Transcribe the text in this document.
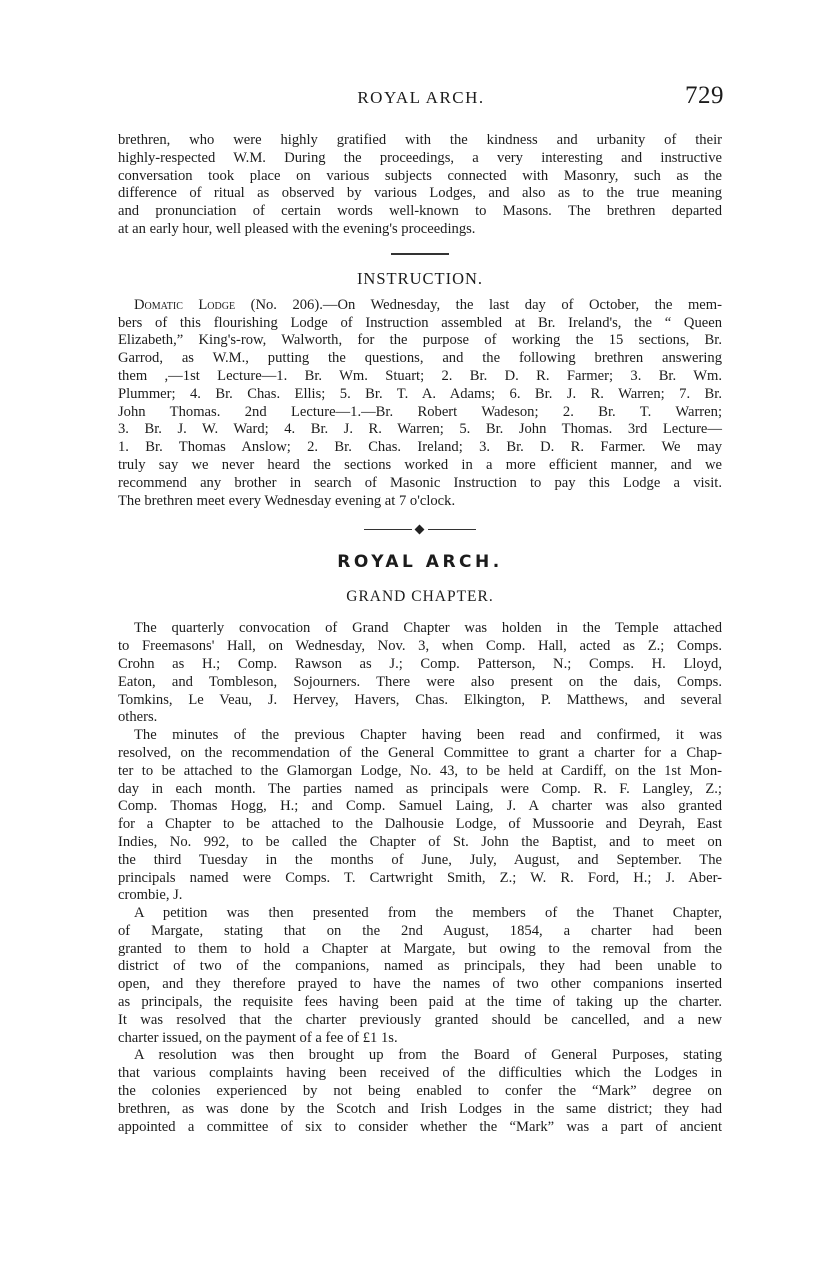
ROYAL ARCH.	729

brethren, who were highly gratified with the kindness and urbanity of their

highly-respected W.M. During the proceedings, a very interesting and instructive

conversation took place on various subjects connected with Masonry, such as the

difference of ritual as observed by various Lodges, and also as to the true meaning

and pronunciation of certain words well-known to Masons. The brethren departed

at an early hour, well pleased with the evening's proceedings.

INSTRUCTION.

Domatic Lodge (No. 206).—On Wednesday, the last day of October, the mem-

bers of this flourishing Lodge of Instruction assembled at Br. Ireland's, the “ Queen

Elizabeth,” King's-row, Walworth, for the purpose of working the 15 sections, Br.

Garrod, as W.M., putting the questions, and the following brethren answering

them ,—1st Lecture—1. Br. Wm. Stuart; 2. Br. D. R. Farmer; 3. Br. Wm.

Plummer; 4. Br. Chas. Ellis; 5. Br. T. A. Adams; 6. Br. J. R. Warren; 7. Br.

John Thomas. 2nd Lecture—1.—Br. Robert Wadeson; 2. Br. T. Warren;

3. Br. J. W. Ward; 4. Br. J. R. Warren; 5. Br. John Thomas. 3rd Lecture—

1. Br. Thomas Anslow; 2. Br. Chas. Ireland; 3. Br. D. R. Farmer. We may

truly say we never heard the sections worked in a more efficient manner, and we

recommend any brother in search of Masonic Instruction to pay this Lodge a visit.

The brethren meet every Wednesday evening at 7 o'clock.

ROYAL ARCH.
GRAND CHAPTER.

The quarterly convocation of Grand Chapter was holden in the Temple attached

to Freemasons' Hall, on Wednesday, Nov. 3, when Comp. Hall, acted as Z.; Comps.

Crohn as H.; Comp. Rawson as J.; Comp. Patterson, N.; Comps. H. Lloyd,

Eaton, and Tombleson, Sojourners. There were also present on the dais, Comps.

Tomkins, Le Veau, J. Hervey, Havers, Chas. Elkington, P. Matthews, and several

others.

The minutes of the previous Chapter having been read and confirmed, it was

resolved, on the recommendation of the General Committee to grant a charter for a Chap-

ter to be attached to the Glamorgan Lodge, No. 43, to be held at Cardiff, on the 1st Mon-

day in each month. The parties named as principals were Comp. R. F. Langley, Z.;

Comp. Thomas Hogg, H.; and Comp. Samuel Laing, J. A charter was also granted

for a Chapter to be attached to the Dalhousie Lodge, of Mussoorie and Deyrah, East

Indies, No. 992, to be called the Chapter of St. John the Baptist, and to meet on

the third Tuesday in the months of June, July, August, and September. The

principals named were Comps. T. Cartwright Smith, Z.; W. R. Ford, H.; J. Aber-

crombie, J.

A petition was then presented from the members of the Thanet Chapter,

of Margate, stating that on the 2nd August, 1854, a charter had been

granted to them to hold a Chapter at Margate, but owing to the removal from the

district of two of the companions, named as principals, they had been unable to

open, and they therefore prayed to have the names of two other companions inserted

as principals, the requisite fees having been paid at the time of taking up the charter.

It was resolved that the charter previously granted should be cancelled, and a new

charter issued, on the payment of a fee of £1 1s.

A resolution was then brought up from the Board of General Purposes, stating

that various complaints having been received of the difficulties which the Lodges in

the colonies experienced by not being enabled to confer the “Mark” degree on

brethren, as was done by the Scotch and Irish Lodges in the same district; they had

appointed a committee of six to consider whether the “Mark” was a part of ancient
